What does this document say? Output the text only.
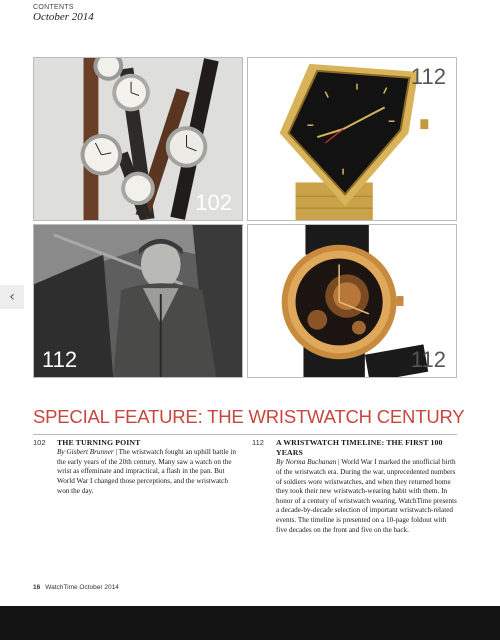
CONTENTS
October 2014
102
112
112	112
‹
SPECIAL FEATURE: THE WRISTWATCH CENTURY
102 THE TURNING POINT
By Gisbert Brunner | The wristwatch fought an uphill battle in the early years of the 20th century. Many saw a watch on the wrist as effeminate and impractical, a flash in the pan. But World War I changed those perceptions, and the wristwatch won the day.
112 A WRISTWATCH TIMELINE: THE FIRST 100 YEARS
By Norma Buchanan | World War I marked the unofficial birth of the wristwatch era. During the war, unprecedented numbers of soldiers wore wristwatches, and when they returned home they took their new wristwatch-wearing habit with them. In honor of a century of wristwatch wearing, WatchTime presents a decade-by-decade selection of important wristwatch-related events. The timeline is presented on a 10-page foldout with five decades on the front and five on the back.
16 WatchTime October 2014
